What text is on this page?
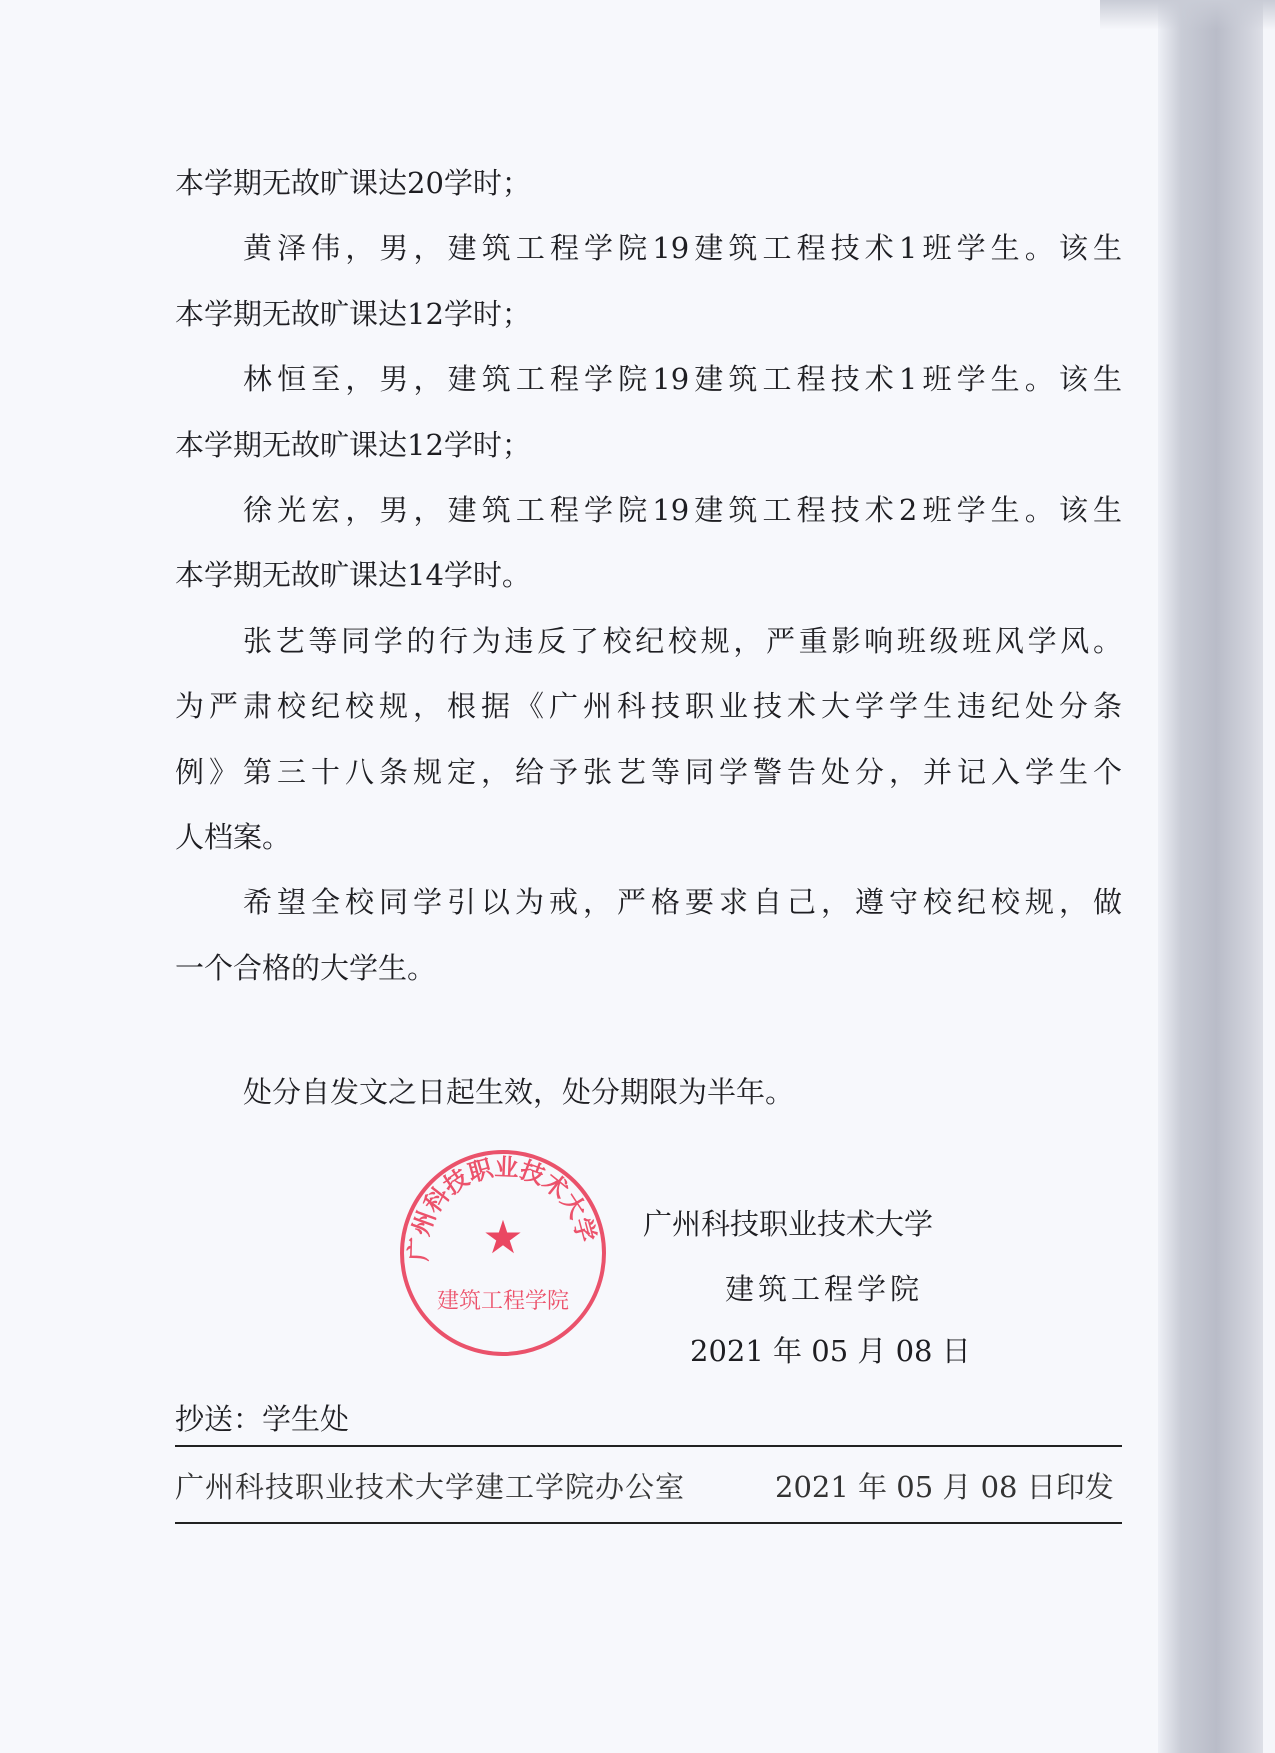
本学期无故旷课达20学时；
黄泽伟，男，建筑工程学院19建筑工程技术1班学生。该生
本学期无故旷课达12学时；
林恒至，男，建筑工程学院19建筑工程技术1班学生。该生
本学期无故旷课达12学时；
徐光宏，男，建筑工程学院19建筑工程技术2班学生。该生
本学期无故旷课达14学时。
张艺等同学的行为违反了校纪校规，严重影响班级班风学风。
为严肃校纪校规，根据《广州科技职业技术大学学生违纪处分条
例》第三十八条规定，给予张艺等同学警告处分，并记入学生个
人档案。
希望全校同学引以为戒，严格要求自己，遵守校纪校规，做
一个合格的大学生。
处分自发文之日起生效，处分期限为半年。
广州科技职业技术大学
★
建筑工程学院
广州科技职业技术大学
建筑工程学院
2021 年 05 月 08 日
抄送：学生处
广州科技职业技术大学建工学院办公室	2021 年 05 月 08 日印发
